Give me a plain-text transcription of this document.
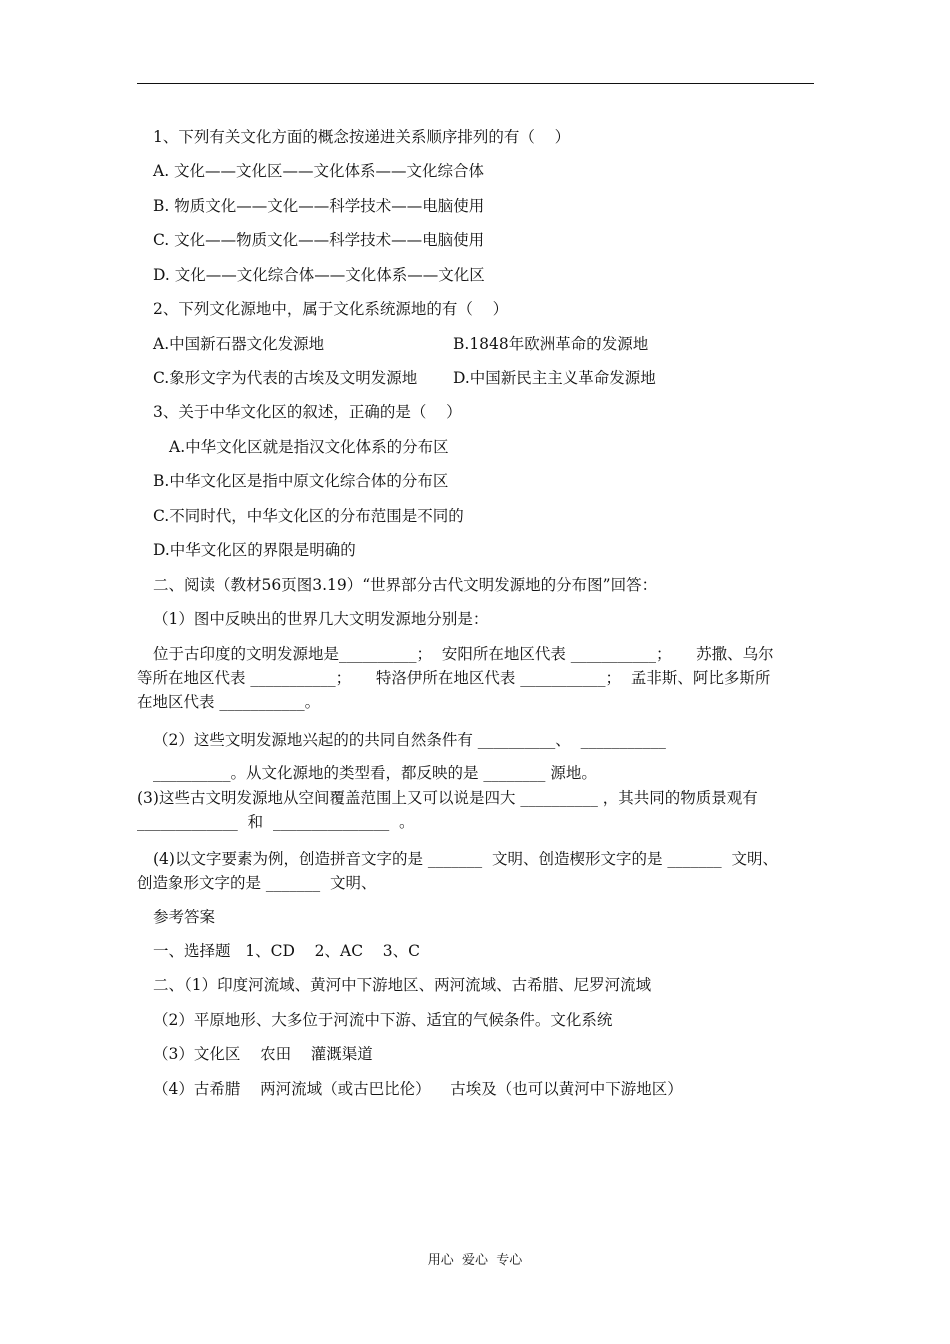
1、下列有关文化方面的概念按递进关系顺序排列的有（    ）
A. 文化——文化区——文化体系——文化综合体
B. 物质文化——文化——科学技术——电脑使用
C. 文化——物质文化——科学技术——电脑使用
D. 文化——文化综合体——文化体系——文化区
2、下列文化源地中，属于文化系统源地的有（    ）
A.中国新石器文化发源地	B.1848年欧洲革命的发源地
C.象形文字为代表的古埃及文明发源地 D.中国新民主主义革命发源地
3、关于中华文化区的叙述，正确的是（    ）
A.中华文化区就是指汉文化体系的分布区
B.中华文化区是指中原文化综合体的分布区
C.不同时代，中华文化区的分布范围是不同的
D.中华文化区的界限是明确的
二、阅读（教材56页图3.19）“世界部分古代文明发源地的分布图”回答：
（1）图中反映出的世界几大文明发源地分别是：
位于古印度的文明发源地是__________；  安阳所在地区代表 ___________；     苏撒、乌尔
等所在地区代表 ___________；     特洛伊所在地区代表 ___________；  孟非斯、阿比多斯所
在地区代表 ___________。
（2）这些文明发源地兴起的的共同自然条件有 __________、  ___________
__________。从文化源地的类型看，都反映的是 ________ 源地。
(3)这些古文明发源地从空间覆盖范围上又可以说是四大 __________ ，其共同的物质景观有
_____________  和  _______________  。
(4)以文字要素为例，创造拼音文字的是 _______  文明、创造楔形文字的是 _______  文明、
创造象形文字的是 _______  文明、
参考答案
一、选择题   1、CD    2、AC    3、C
二、（1）印度河流域、黄河中下游地区、两河流域、古希腊、尼罗河流域
（2）平原地形、大多位于河流中下游、适宜的气候条件。文化系统
（3）文化区    农田    灌溉渠道
（4）古希腊    两河流域（或古巴比伦）    古埃及（也可以黄河中下游地区）
用心  爱心  专心
